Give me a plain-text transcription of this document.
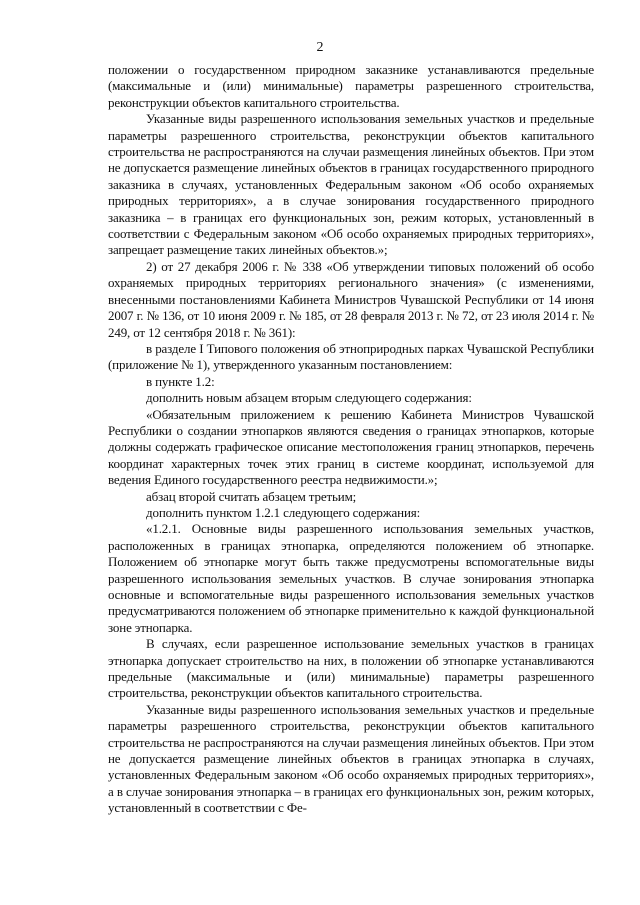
2

положении о государственном природном заказнике устанавливаются предельные (максимальные и (или) минимальные) параметры разрешенного строительства, реконструкции объектов капитального строительства.

Указанные виды разрешенного использования земельных участков и предельные параметры разрешенного строительства, реконструкции объектов капитального строительства не распространяются на случаи размещения линейных объектов. При этом не допускается размещение линейных объектов в границах государственного природного заказника в случаях, установленных Федеральным законом «Об особо охраняемых природных территориях», а в случае зонирования государственного природного заказника – в границах его функциональных зон, режим которых, установленный в соответствии с Федеральным законом «Об особо охраняемых природных территориях», запрещает размещение таких линейных объектов.»;

2) от 27 декабря 2006 г. № 338 «Об утверждении типовых положений об особо охраняемых природных территориях регионального значения» (с изменениями, внесенными постановлениями Кабинета Министров Чувашской Республики от 14 июня 2007 г. № 136, от 10 июня 2009 г. № 185, от 28 февраля 2013 г. № 72, от 23 июля 2014 г. № 249, от 12 сентября 2018 г. № 361):

в разделе I Типового положения об этноприродных парках Чувашской Республики (приложение № 1), утвержденного указанным постановлением:

в пункте 1.2:

дополнить новым абзацем вторым следующего содержания:

«Обязательным приложением к решению Кабинета Министров Чувашской Республики о создании этнопарков являются сведения о границах этнопарков, которые должны содержать графическое описание местоположения границ этнопарков, перечень координат характерных точек этих границ в системе координат, используемой для ведения Единого государственного реестра недвижимости.»;

абзац второй считать абзацем третьим;

дополнить пунктом 1.2.1 следующего содержания:

«1.2.1. Основные виды разрешенного использования земельных участков, расположенных в границах этнопарка, определяются положением об этнопарке. Положением об этнопарке могут быть также предусмотрены вспомогательные виды разрешенного использования земельных участков. В случае зонирования этнопарка основные и вспомогательные виды разрешенного использования земельных участков предусматриваются положением об этнопарке применительно к каждой функциональной зоне этнопарка.

В случаях, если разрешенное использование земельных участков в границах этнопарка допускает строительство на них, в положении об этнопарке устанавливаются предельные (максимальные и (или) минимальные) параметры разрешенного строительства, реконструкции объектов капитального строительства.

Указанные виды разрешенного использования земельных участков и предельные параметры разрешенного строительства, реконструкции объектов капитального строительства не распространяются на случаи размещения линейных объектов. При этом не допускается размещение линейных объектов в границах этнопарка в случаях, установленных Федеральным законом «Об особо охраняемых природных территориях», а в случае зонирования этнопарка – в границах его функциональных зон, режим которых, установленный в соответствии с Фе-
